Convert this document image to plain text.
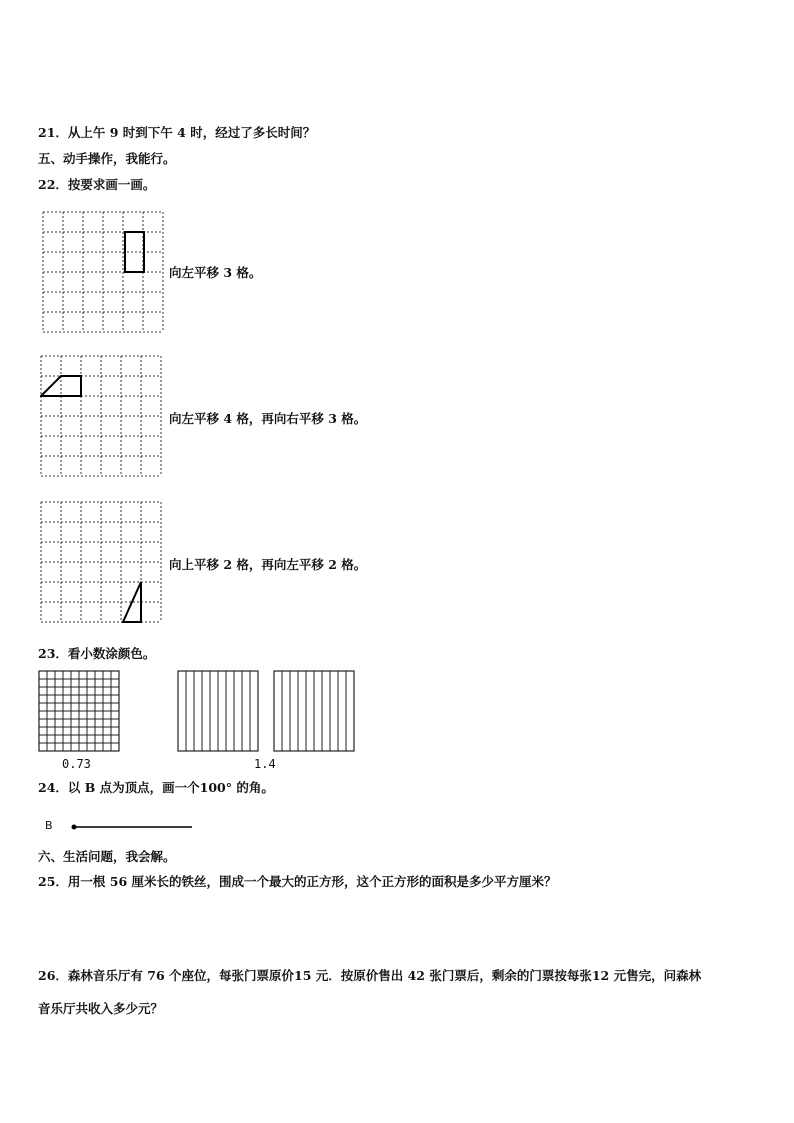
21．从上午 9 时到下午 4 时，经过了多长时间？
五、动手操作，我能行。
22．按要求画一画。
向左平移 3 格。
向左平移 4 格，再向右平移 3 格。
向上平移 2 格，再向左平移 2 格。
23．看小数涂颜色。
0.73	1.4
24．以 B 点为顶点，画一个100° 的角。
B
六、生活问题，我会解。
25．用一根 56 厘米长的铁丝，围成一个最大的正方形，这个正方形的面积是多少平方厘米？
26．森林音乐厅有 76 个座位，每张门票原价15 元．按原价售出 42 张门票后，剩余的门票按每张12 元售完，问森林
音乐厅共收入多少元？
